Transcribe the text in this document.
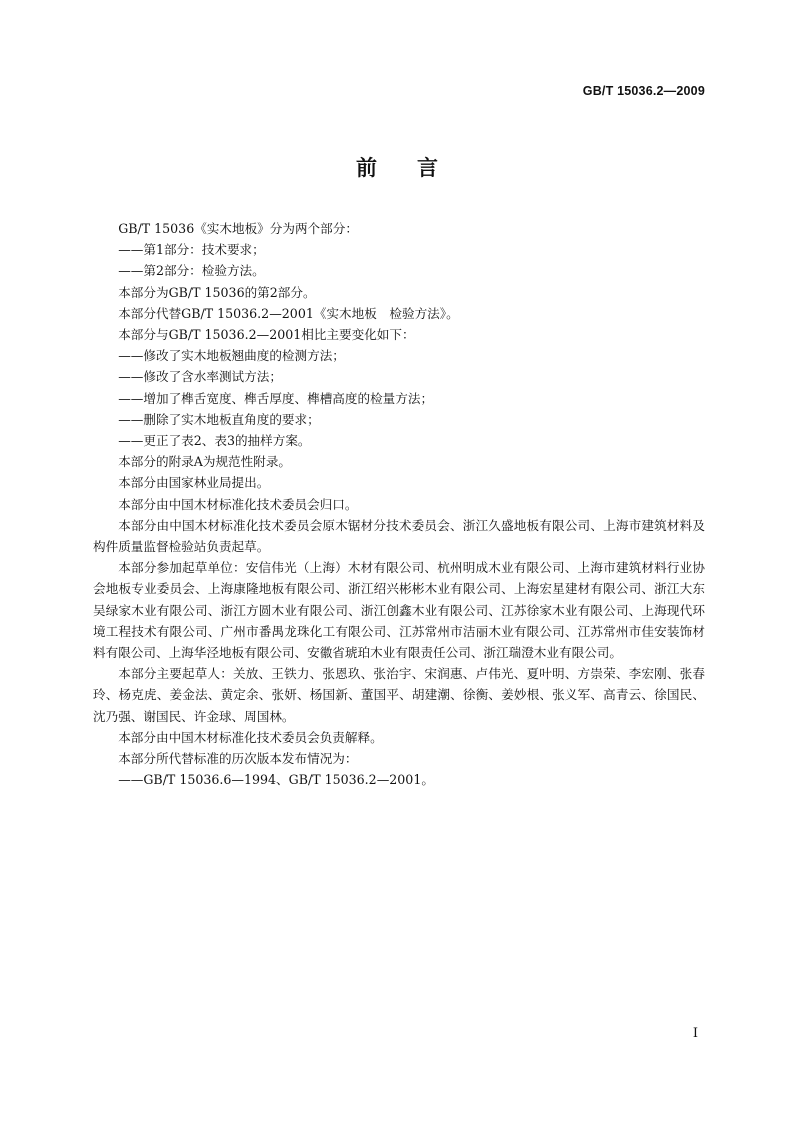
GB/T 15036.2—2009
前言

GB/T 15036《实木地板》分为两个部分：

——第1部分：技术要求；

——第2部分：检验方法。

本部分为GB/T 15036的第2部分。

本部分代替GB/T 15036.2—2001《实木地板　检验方法》。

本部分与GB/T 15036.2—2001相比主要变化如下：

——修改了实木地板翘曲度的检测方法；

——修改了含水率测试方法；

——增加了榫舌宽度、榫舌厚度、榫槽高度的检量方法；

——删除了实木地板直角度的要求；

——更正了表2、表3的抽样方案。

本部分的附录A为规范性附录。

本部分由国家林业局提出。

本部分由中国木材标准化技术委员会归口。

本部分由中国木材标准化技术委员会原木锯材分技术委员会、浙江久盛地板有限公司、上海市建筑材料及构件质量监督检验站负责起草。

本部分参加起草单位：安信伟光（上海）木材有限公司、杭州明成木业有限公司、上海市建筑材料行业协会地板专业委员会、上海康隆地板有限公司、浙江绍兴彬彬木业有限公司、上海宏星建材有限公司、浙江大东吴绿家木业有限公司、浙江方圆木业有限公司、浙江创鑫木业有限公司、江苏徐家木业有限公司、上海现代环境工程技术有限公司、广州市番禺龙珠化工有限公司、江苏常州市洁丽木业有限公司、江苏常州市佳安装饰材料有限公司、上海华泾地板有限公司、安徽省琥珀木业有限责任公司、浙江瑞澄木业有限公司。

本部分主要起草人：关放、王铁力、张恩玖、张治宇、宋润惠、卢伟光、夏叶明、方崇荣、李宏刚、张春玲、杨克虎、姜金法、黄定余、张妍、杨国新、董国平、胡建潮、徐衡、姜妙根、张义军、高青云、徐国民、沈乃强、谢国民、许金球、周国林。

本部分由中国木材标准化技术委员会负责解释。

本部分所代替标准的历次版本发布情况为：

——GB/T 15036.6—1994、GB/T 15036.2—2001。

I
